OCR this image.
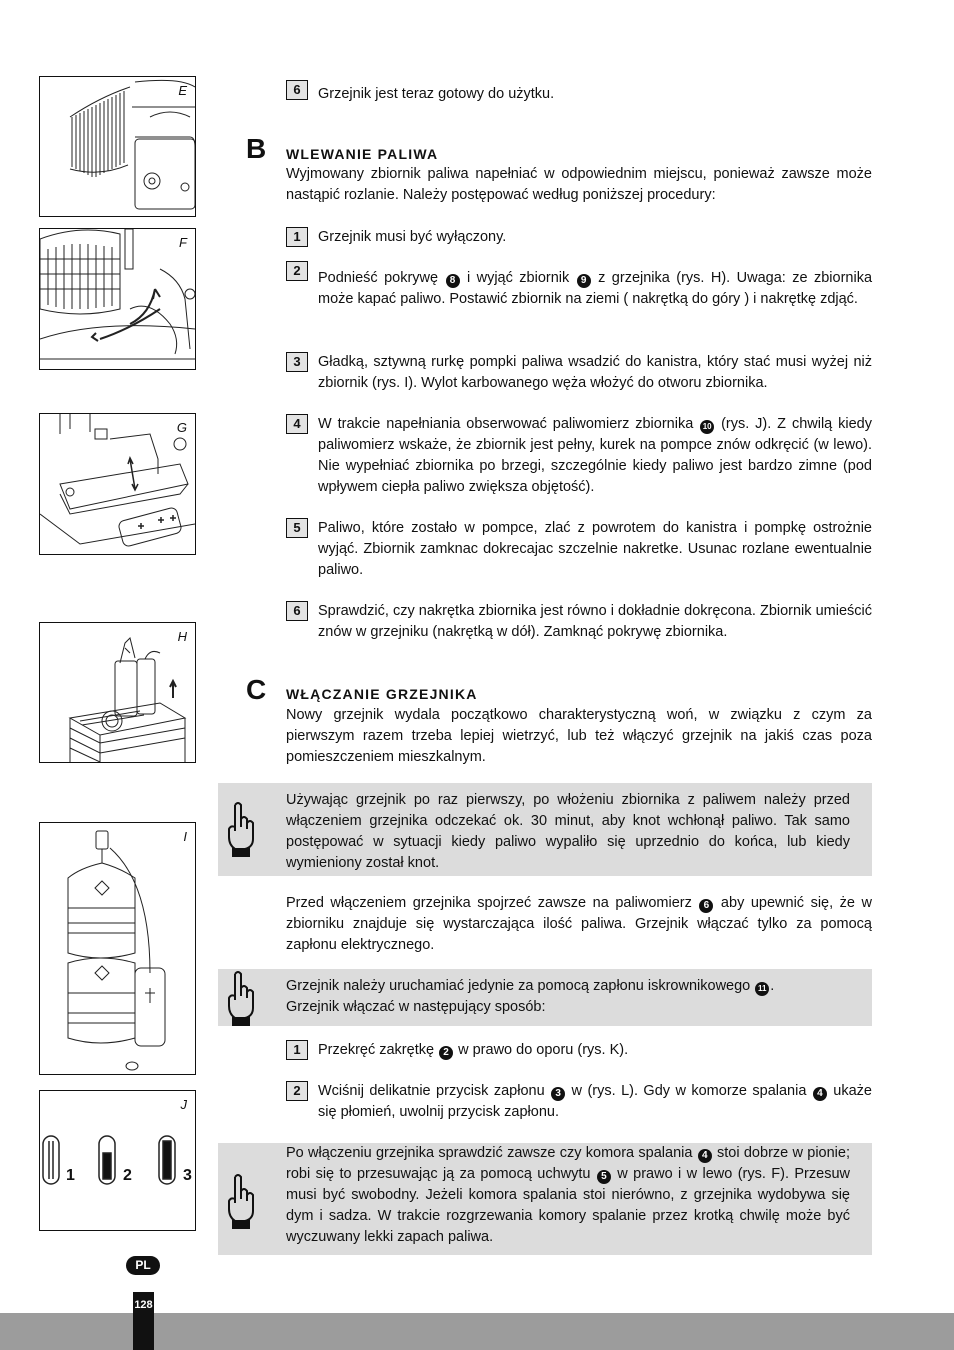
E
F
G
H
I
1	2	3
J
6	Grzejnik jest teraz gotowy do użytku.
B WLEWANIE PALIWA
Wyjmowany zbiornik paliwa napełniać w odpowiednim miejscu, ponieważ zawsze może nastąpić rozlanie. Należy postępować według poniższej procedury:
1	Grzejnik musi być wyłączony.
2	Podnieść pokrywę 8 i wyjąć zbiornik 9 z grzejnika (rys. H). Uwaga: ze zbiornika może kapać paliwo. Postawić zbiornik na ziemi ( nakrętką do góry ) i nakrętkę zdjąć.
3	Gładką, sztywną rurkę pompki paliwa wsadzić do kanistra, który stać musi wyżej niż zbiornik (rys. I). Wylot karbowanego węża włożyć do otworu zbiornika.
4	W trakcie napełniania obserwować paliwomierz zbiornika 10 (rys. J). Z chwilą kiedy paliwomierz wskaże, że zbiornik jest pełny, kurek na pompce znów odkręcić (w lewo). Nie wypełniać zbiornika po brzegi, szczególnie kiedy paliwo jest bardzo zimne (pod wpływem ciepła paliwo zwiększa objętość).
5	Paliwo, które zostało w pompce, zlać z powrotem do kanistra i pompkę ostrożnie wyjąć. Zbiornik zamknac dokrecajac szczelnie nakretke. Usunac rozlane ewentualnie paliwo.
6	Sprawdzić, czy nakrętka zbiornika jest równo i dokładnie dokręcona. Zbiornik umieścić znów w grzejniku (nakrętką w dół). Zamknąć pokrywę zbiornika.
C WŁĄCZANIE GRZEJNIKA
Nowy grzejnik wydala początkowo charakterystyczną woń, w związku z czym za pierwszym razem trzeba lepiej wietrzyć, lub też włączyć grzejnik na jakiś czas poza pomieszczeniem mieszkalnym.
Używając grzejnik po raz pierwszy, po włożeniu zbiornika z paliwem należy przed włączeniem grzejnika odczekać ok. 30 minut, aby knot wchłonął paliwo. Tak samo postępować w sytuacji kiedy paliwo wypaliło się uprzednio do końca, lub kiedy wymieniony został knot.
Przed włączeniem grzejnika spojrzeć zawsze na paliwomierz 6 aby upewnić się, że w zbiorniku znajduje się wystarczająca ilość paliwa. Grzejnik włączać tylko za pomocą zapłonu elektrycznego.
Grzejnik należy uruchamiać jedynie za pomocą zapłonu iskrownikowego 11 .
Grzejnik włączać w następujący sposób:
1	Przekręć zakrętkę 2 w prawo do oporu (rys. K).
2	Wciśnij delikatnie przycisk zapłonu 3 w (rys. L). Gdy w komorze spalania 4 ukaże się płomień, uwolnij przycisk zapłonu.
Po włączeniu grzejnika sprawdzić zawsze czy komora spalania 4 stoi dobrze w pionie; robi się to przesuwając ją za pomocą uchwytu 5 w prawo i w lewo (rys. F). Przesuw musi być swobodny. Jeżeli komora spalania stoi nierówno, z grzejnika wydobywa się dym i sadza. W trakcie rozgrzewania komory spalanie przez krotką chwilę może być wyczuwany lekki zapach paliwa.
PL
128
